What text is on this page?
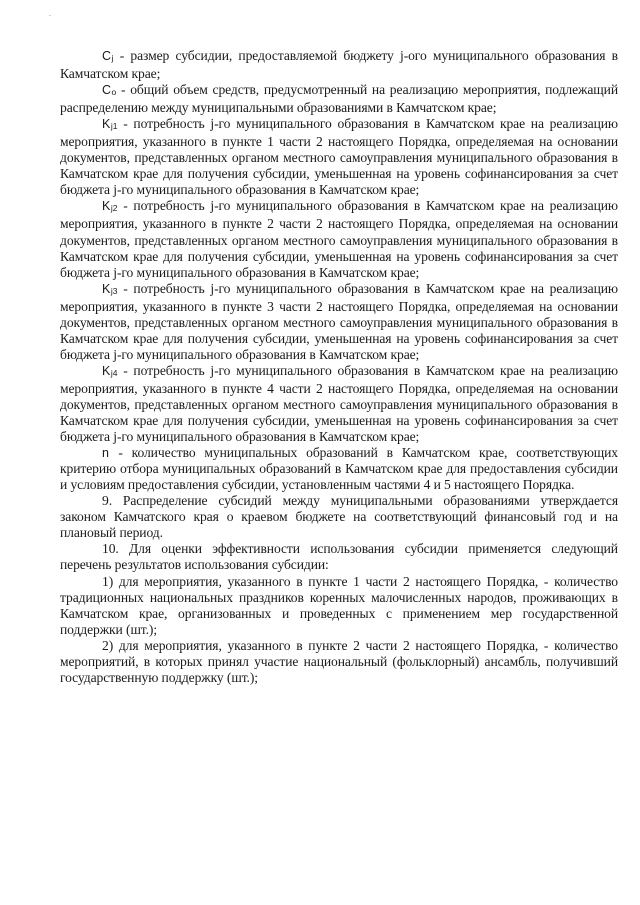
.

$C_j$ - размер субсидии, предоставляемой бюджету j-ого муниципального образования в Камчатском крае;

$C_o$ - общий объем средств, предусмотренный на реализацию мероприятия, подлежащий распределению между муниципальными образованиями в Камчатском крае;

$K_{j1}$ - потребность j-го муниципального образования в Камчатском крае на реализацию мероприятия, указанного в пункте 1 части 2 настоящего Порядка, определяемая на основании документов, представленных органом местного самоуправления муниципального образования в Камчатском крае для получения субсидии, уменьшенная на уровень софинансирования за счет бюджета j-го муниципального образования в Камчатском крае;

$K_{j2}$ - потребность j-го муниципального образования в Камчатском крае на реализацию мероприятия, указанного в пункте 2 части 2 настоящего Порядка, определяемая на основании документов, представленных органом местного самоуправления муниципального образования в Камчатском крае для получения субсидии, уменьшенная на уровень софинансирования за счет бюджета j-го муниципального образования в Камчатском крае;

$K_{j3}$ - потребность j-го муниципального образования в Камчатском крае на реализацию мероприятия, указанного в пункте 3 части 2 настоящего Порядка, определяемая на основании документов, представленных органом местного самоуправления муниципального образования в Камчатском крае для получения субсидии, уменьшенная на уровень софинансирования за счет бюджета j-го муниципального образования в Камчатском крае;

$K_{j4}$ - потребность j-го муниципального образования в Камчатском крае на реализацию мероприятия, указанного в пункте 4 части 2 настоящего Порядка, определяемая на основании документов, представленных органом местного самоуправления муниципального образования в Камчатском крае для получения субсидии, уменьшенная на уровень софинансирования за счет бюджета j-го муниципального образования в Камчатском крае;

n - количество муниципальных образований в Камчатском крае, соответствующих критерию отбора муниципальных образований в Камчатском крае для предоставления субсидии и условиям предоставления субсидии, установленным частями 4 и 5 настоящего Порядка.

9. Распределение субсидий между муниципальными образованиями утверждается законом Камчатского края о краевом бюджете на соответствующий финансовый год и на плановый период.

10. Для оценки эффективности использования субсидии применяется следующий перечень результатов использования субсидии:

1) для мероприятия, указанного в пункте 1 части 2 настоящего Порядка, - количество традиционных национальных праздников коренных малочисленных народов, проживающих в Камчатском крае, организованных и проведенных с применением мер государственной поддержки (шт.);

2) для мероприятия, указанного в пункте 2 части 2 настоящего Порядка, - количество мероприятий, в которых принял участие национальный (фольклорный) ансамбль, получивший государственную поддержку (шт.);
